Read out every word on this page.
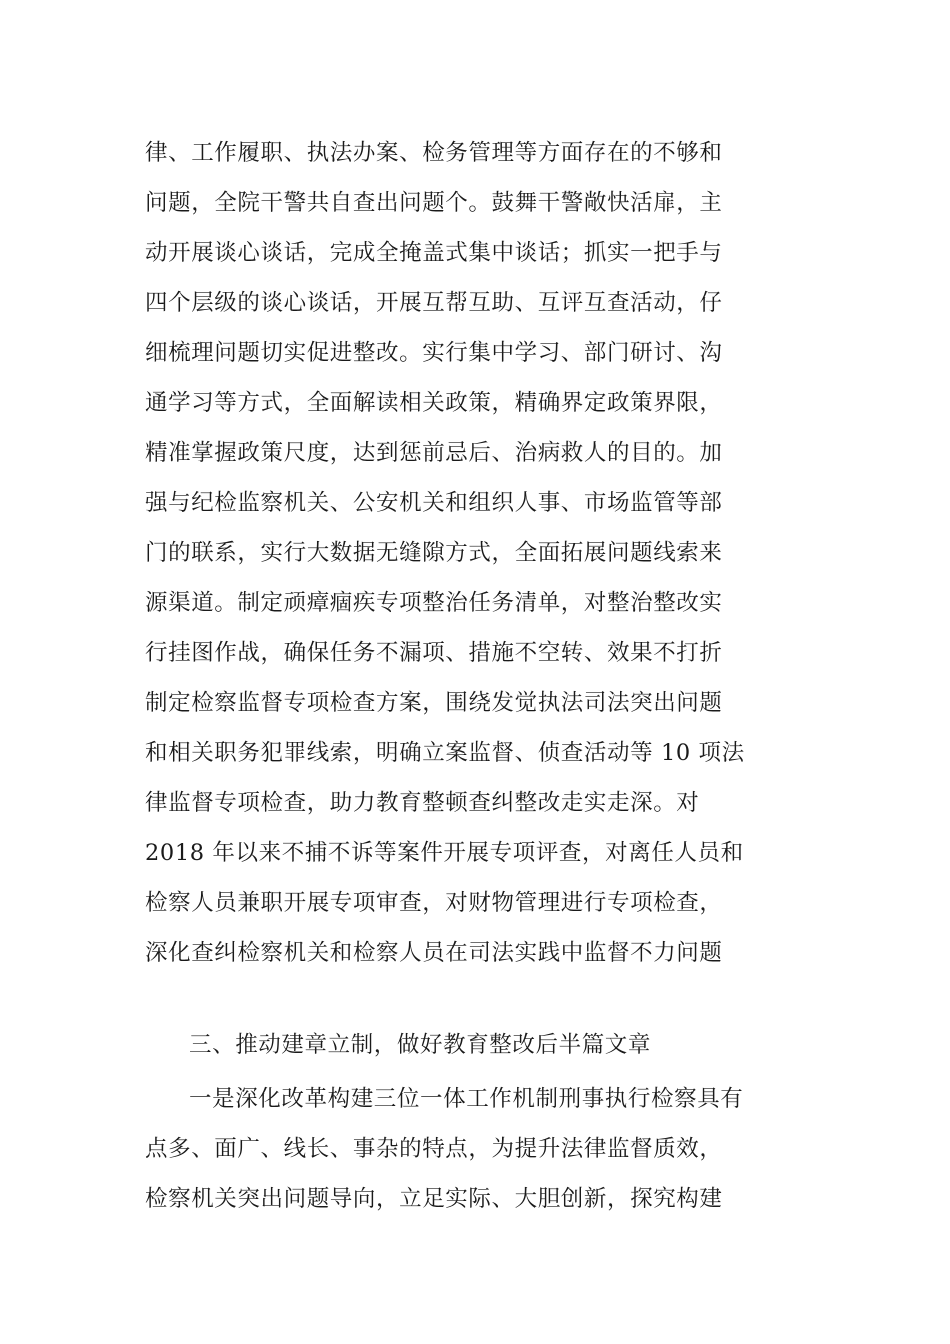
律、工作履职、执法办案、检务管理等方面存在的不够和
问题，全院干警共自查出问题个。鼓舞干警敞快活扉，主
动开展谈心谈话，完成全掩盖式集中谈话；抓实一把手与
四个层级的谈心谈话，开展互帮互助、互评互查活动，仔
细梳理问题切实促进整改。实行集中学习、部门研讨、沟
通学习等方式，全面解读相关政策，精确界定政策界限，
精准掌握政策尺度，达到惩前忌后、治病救人的目的。加
强与纪检监察机关、公安机关和组织人事、市场监管等部
门的联系，实行大数据无缝隙方式，全面拓展问题线索来
源渠道。制定顽瘴痼疾专项整治任务清单，对整治整改实
行挂图作战，确保任务不漏项、措施不空转、效果不打折
制定检察监督专项检查方案，围绕发觉执法司法突出问题
和相关职务犯罪线索，明确立案监督、侦查活动等 10 项法
律监督专项检查，助力教育整顿查纠整改走实走深。对
2018 年以来不捕不诉等案件开展专项评查，对离任人员和
检察人员兼职开展专项审查，对财物管理进行专项检查，
深化查纠检察机关和检察人员在司法实践中监督不力问题
三、推动建章立制，做好教育整改后半篇文章
一是深化改革构建三位一体工作机制刑事执行检察具有
点多、面广、线长、事杂的特点，为提升法律监督质效，
检察机关突出问题导向，立足实际、大胆创新，探究构建
